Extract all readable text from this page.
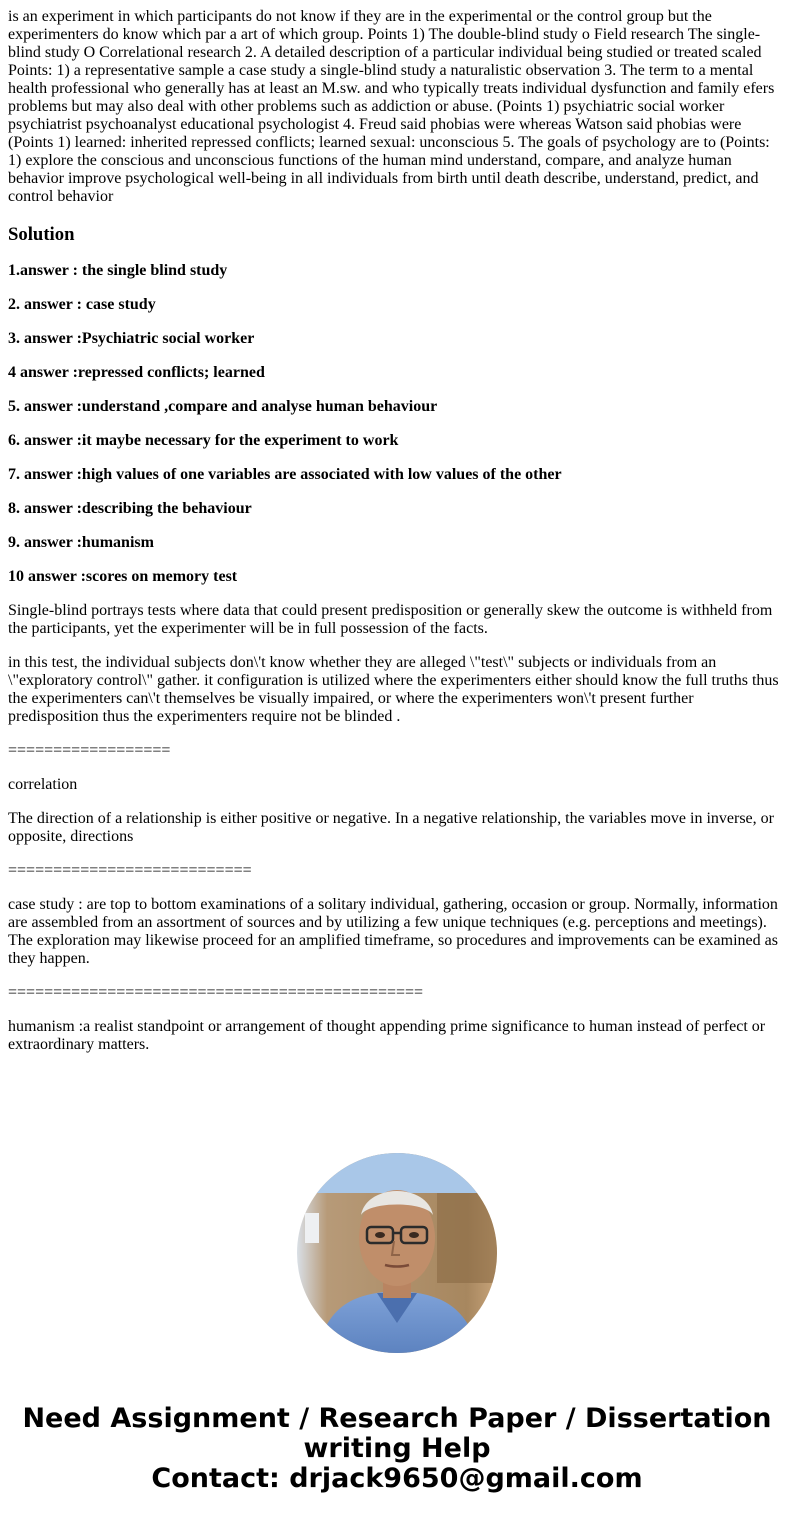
is an experiment in which participants do not know if they are in the experimental or the control group but the experimenters do know which par a art of which group. Points 1) The double-blind study o Field research The single-blind study O Correlational research 2. A detailed description of a particular individual being studied or treated scaled Points: 1) a representative sample a case study a single-blind study a naturalistic observation 3. The term to a mental health professional who generally has at least an M.sw. and who typically treats individual dysfunction and family efers problems but may also deal with other problems such as addiction or abuse. (Points 1) psychiatric social worker psychiatrist psychoanalyst educational psychologist 4. Freud said phobias were whereas Watson said phobias were (Points 1) learned: inherited repressed conflicts; learned sexual: unconscious 5. The goals of psychology are to (Points: 1) explore the conscious and unconscious functions of the human mind understand, compare, and analyze human behavior improve psychological well-being in all individuals from birth until death describe, understand, predict, and control behavior

Solution

1.answer : the single blind study

2. answer : case study

3. answer :Psychiatric social worker

4 answer :repressed conflicts; learned

5. answer :understand ,compare and analyse human behaviour

6. answer :it maybe necessary for the experiment to work

7. answer :high values of one variables are associated with low values of the other

8. answer :describing the behaviour

9. answer :humanism

10 answer :scores on memory test

Single-blind portrays tests where data that could present predisposition or generally skew the outcome is withheld from the participants, yet the experimenter will be in full possession of the facts.

in this test, the individual subjects don\'t know whether they are alleged \"test\" subjects or individuals from an \"exploratory control\" gather. it configuration is utilized where the experimenters either should know the full truths thus the experimenters can\'t themselves be visually impaired, or where the experimenters won\'t present further predisposition thus the experimenters require not be blinded .

==================

correlation

The direction of a relationship is either positive or negative. In a negative relationship, the variables move in inverse, or opposite, directions

===========================

case study : are top to bottom examinations of a solitary individual, gathering, occasion or group. Normally, information are assembled from an assortment of sources and by utilizing a few unique techniques (e.g. perceptions and meetings). The exploration may likewise proceed for an amplified timeframe, so procedures and improvements can be examined as they happen.

==============================================

humanism :a realist standpoint or arrangement of thought appending prime significance to human instead of perfect or extraordinary matters.

Need Assignment / Research Paper / Dissertation
writing Help
Contact: drjack9650@gmail.com
